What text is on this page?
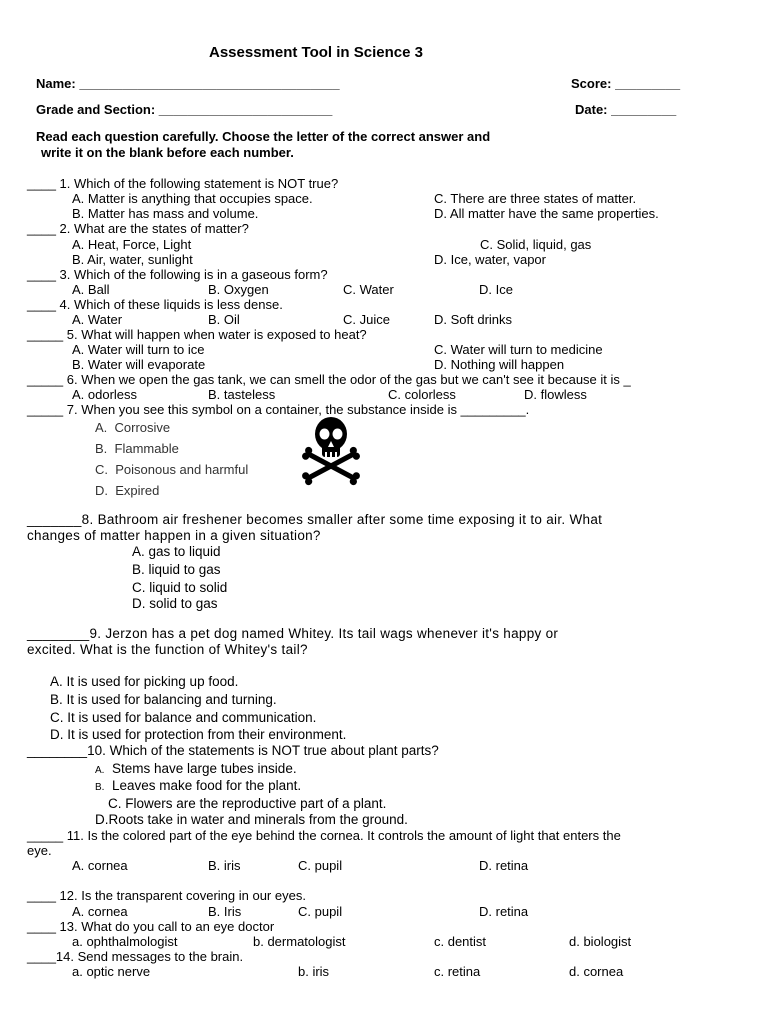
Assessment Tool in Science 3
Name: ____________________________________	Score: _________
Grade and Section: ________________________	Date: _________
Read each question carefully. Choose the letter of the correct answer and
write it on the blank before each number.
____ 1. Which of the following statement is NOT true?
A. Matter is anything that occupies space.
B. Matter has mass and volume.
C. There are three states of matter.
D. All matter have the same properties.
____ 2. What are the states of matter?
A. Heat, Force, Light
B. Air, water, sunlight
C. Solid, liquid, gas
D. Ice, water, vapor
____ 3. Which of the following is in a gaseous form?
A. Ball	B. Oxygen	C. Water	D. Ice
____ 4. Which of these liquids is less dense.
A. Water	B. Oil	C. Juice	D. Soft drinks
_____ 5. What will happen when water is exposed to heat?
A. Water will turn to ice
B. Water will evaporate
C. Water will turn to medicine
D. Nothing will happen
_____ 6. When we open the gas tank, we can smell the odor of the gas but we can't see it because it is _
A. odorless	B. tasteless	C. colorless	D. flowless
_____ 7. When you see this symbol on a container, the substance inside is _________.
A. Corrosive
B. Flammable
C. Poisonous and harmful
D. Expired
_______8. Bathroom air freshener becomes smaller after some time exposing it to air. What
changes of matter happen in a given situation?
A. gas to liquid
B. liquid to gas
C. liquid to solid
D. solid to gas
________9. Jerzon has a pet dog named Whitey. Its tail wags whenever it's happy or
excited. What is the function of Whitey's tail?
A. It is used for picking up food.
B. It is used for balancing and turning.
C. It is used for balance and communication.
D. It is used for protection from their environment.
________10. Which of the statements is NOT true about plant parts?
A. Stems have large tubes inside.
B. Leaves make food for the plant.
C. Flowers are the reproductive part of a plant.
D.Roots take in water and minerals from the ground.
_____ 11. Is the colored part of the eye behind the cornea. It controls the amount of light that enters the
eye.
A. cornea	B. iris	C. pupil	D. retina
____ 12. Is the transparent covering in our eyes.
A. cornea	B. Iris	C. pupil	D. retina
____ 13. What do you call to an eye doctor
a. ophthalmologist	b. dermatologist	c. dentist	d. biologist
____14. Send messages to the brain.
a. optic nerve	b. iris	c. retina	d. cornea
